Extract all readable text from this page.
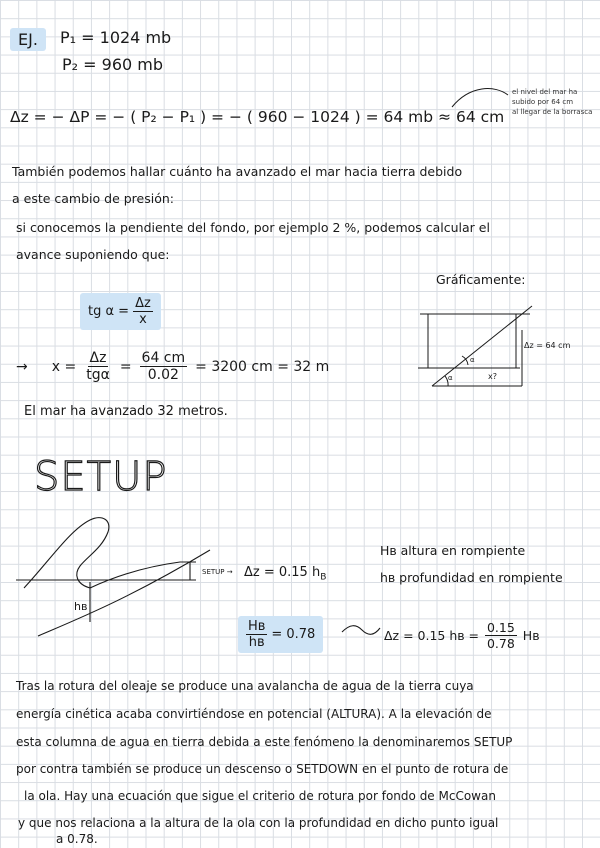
EJ.	P₁ = 1024 mb
P₂ = 960 mb
Δz = − ΔP = − ( P₂ − P₁ ) = − ( 960 − 1024 ) = 64 mb ≈ 64 cm
el nivel del mar ha
subido por 64 cm
al llegar de la borrasca
También podemos hallar cuánto ha avanzado el mar hacia tierra debido
a este cambio de presión:
si conocemos la pendiente del fondo, por ejemplo 2 %, podemos calcular el
avance suponiendo que:
Gráficamente:
tg $\alpha = \frac{\Delta z}{x}$
→ $x = \frac{\Delta z}{\text{tgα}} = \frac{64 cm}{0.02} = 3200$ cm = 32 m
El mar ha avanzado 32 metros.
SETUP
SETUP → Δz = 0.15 $h_B$
hʙ
Hʙ altura en rompiente
hʙ profundidad en rompiente
$\frac{\text{Hʙ}}{\text{hʙ}} = 0.78$	Δz = 0.15 hʙ = $\frac{0.15}{0.78}$ Hʙ
Tras la rotura del oleaje se produce una avalancha de agua de la tierra cuya
energía cinética acaba convirtiéndose en potencial (ALTURA). A la elevación de
esta columna de agua en tierra debida a este fenómeno la denominaremos SETUP
por contra también se produce un descenso o SETDOWN en el punto de rotura de
la ola. Hay una ecuación que sigue el criterio de rotura por fondo de McCowan
y que nos relaciona a la altura de la ola con la profundidad en dicho punto igual
a 0.78.
Δz = 64 cm
x?
α
α
